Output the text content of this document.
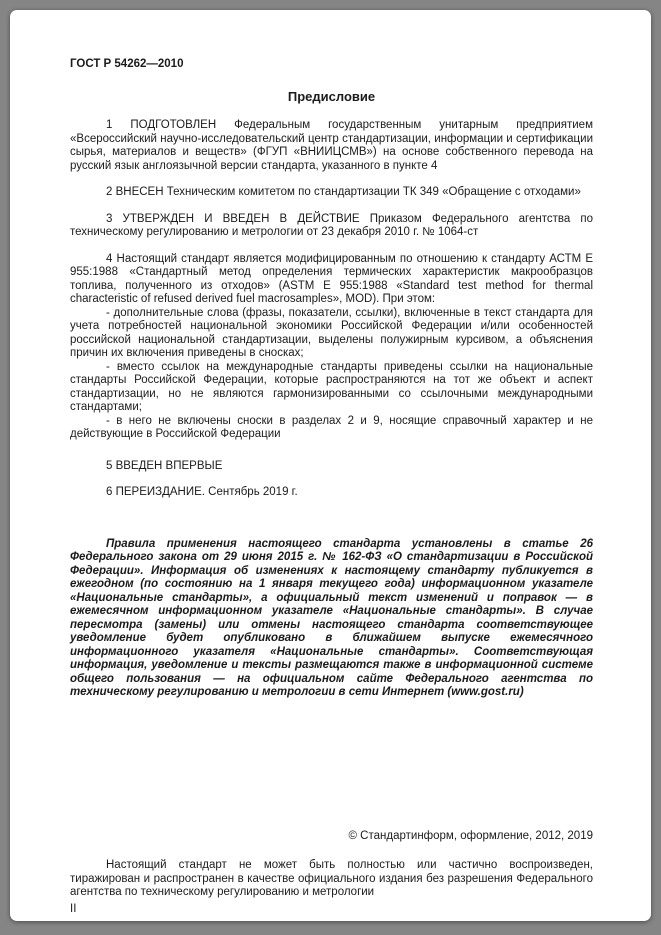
ГОСТ Р 54262—2010
Предисловие

1 ПОДГОТОВЛЕН Федеральным государственным унитарным предприятием «Всероссийский научно-исследовательский центр стандартизации, информации и сертификации сырья, материалов и веществ» (ФГУП «ВНИИЦСМВ») на основе собственного перевода на русский язык англоязычной версии стандарта, указанного в пункте 4

2 ВНЕСЕН Техническим комитетом по стандартизации ТК 349 «Обращение с отходами»

3 УТВЕРЖДЕН И ВВЕДЕН В ДЕЙСТВИЕ Приказом Федерального агентства по техническому регулированию и метрологии от 23 декабря 2010 г. № 1064-ст

4 Настоящий стандарт является модифицированным по отношению к стандарту АСТМ Е 955:1988 «Стандартный метод определения термических характеристик макрообразцов топлива, полученного из отходов» (ASTM Е 955:1988 «Standard test method for thermal characteristic of refused derived fuel macrosamples», MOD). При этом:

- дополнительные слова (фразы, показатели, ссылки), включенные в текст стандарта для учета потребностей национальной экономики Российской Федерации и/или особенностей российской национальной стандартизации, выделены полужирным курсивом, а объяснения причин их включения приведены в сносках;

- вместо ссылок на международные стандарты приведены ссылки на национальные стандарты Российской Федерации, которые распространяются на тот же объект и аспект стандартизации, но не являются гармонизированными со ссылочными международными стандартами;

- в него не включены сноски в разделах 2 и 9, носящие справочный характер и не действующие в Российской Федерации

5 ВВЕДЕН ВПЕРВЫЕ

6 ПЕРЕИЗДАНИЕ. Сентябрь 2019 г.

Правила применения настоящего стандарта установлены в статье 26 Федерального закона от 29 июня 2015 г. № 162-ФЗ «О стандартизации в Российской Федерации». Информация об изменениях к настоящему стандарту публикуется в ежегодном (по состоянию на 1 января текущего года) информационном указателе «Национальные стандарты», а официальный текст изменений и поправок — в ежемесячном информационном указателе «Национальные стандарты». В случае пересмотра (замены) или отмены настоящего стандарта соответствующее уведомление будет опубликовано в ближайшем выпуске ежемесячного информационного указателя «Национальные стандарты». Соответствующая информация, уведомление и тексты размещаются также в информационной системе общего пользования — на официальном сайте Федерального агентства по техническому регулированию и метрологии в сети Интернет (www.gost.ru)

© Стандартинформ, оформление, 2012, 2019

Настоящий стандарт не может быть полностью или частично воспроизведен, тиражирован и распространен в качестве официального издания без разрешения Федерального агентства по техническому регулированию и метрологии

II
